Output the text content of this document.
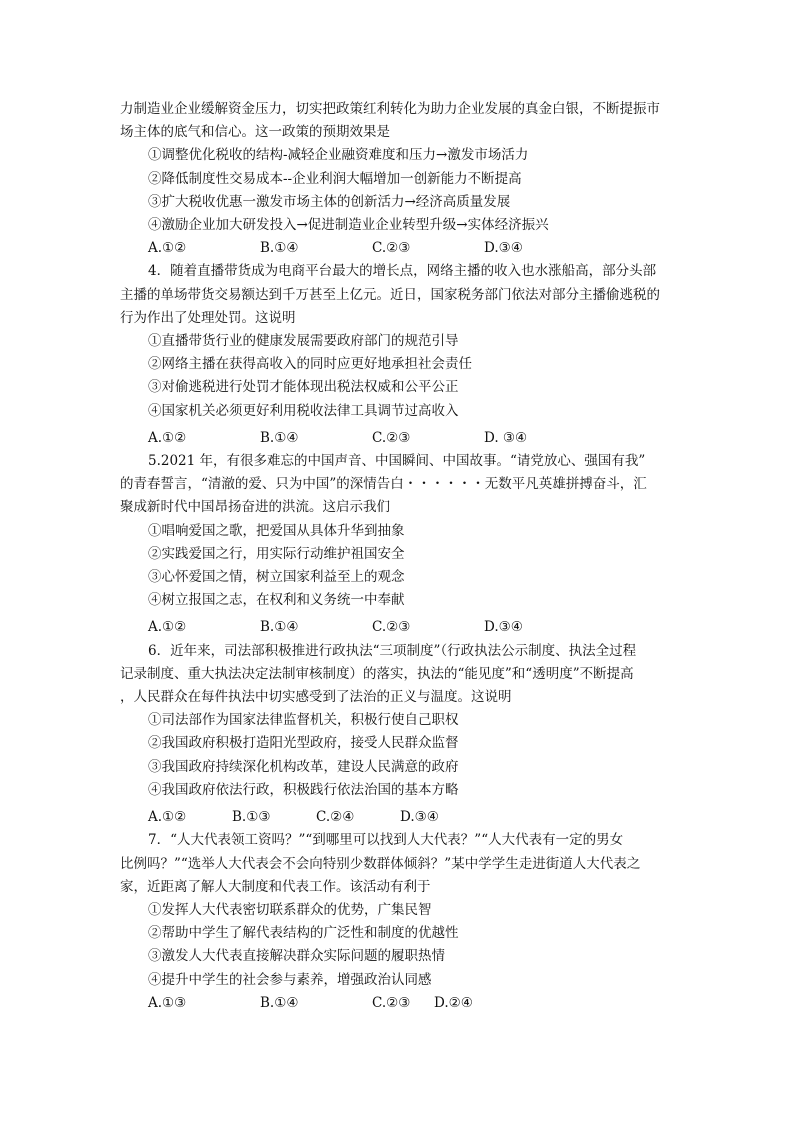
力制造业企业缓解资金压力，切实把政策红利转化为助力企业发展的真金白银，不断提振市

场主体的底气和信心。这一政策的预期效果是

①调整优化税收的结构-减轻企业融资难度和压力→激发市场活力

②降低制度性交易成本--企业利润大幅增加一创新能力不断提高

③扩大税收优惠一激发市场主体的创新活力→经济高质量发展

④激励企业加大研发投入→促进制造业企业转型升级→实体经济振兴

A.①②	B.①④	C.②③	D.③④

4．随着直播带货成为电商平台最大的增长点，网络主播的收入也水涨船高，部分头部

主播的单场带货交易额达到千万甚至上亿元。近日，国家税务部门依法对部分主播偷逃税的

行为作出了处理处罚。这说明

①直播带货行业的健康发展需要政府部门的规范引导

②网络主播在获得高收入的同时应更好地承担社会责任

③对偷逃税进行处罚才能体现出税法权威和公平公正

④国家机关必须更好利用税收法律工具调节过高收入

A.①②	B.①④	C.②③	D. ③④

5.2021 年，有很多难忘的中国声音、中国瞬间、中国故事。“请党放心、强国有我”

的青春誓言，“清澈的爱、只为中国”的深情告白・・・・・・无数平凡英雄拼搏奋斗，汇

聚成新时代中国昂扬奋进的洪流。这启示我们

①唱响爱国之歌，把爱国从具体升华到抽象

②实践爱国之行，用实际行动维护祖国安全

③心怀爱国之情，树立国家利益至上的观念

④树立报国之志，在权利和义务统一中奉献

A.①②	B.①④	C.②③	D.③④

6．近年来，司法部积极推进行政执法“三项制度”（行政执法公示制度、执法全过程

记录制度、重大执法决定法制审核制度）的落实，执法的“能见度”和“透明度”不断提高

，人民群众在每件执法中切实感受到了法治的正义与温度。这说明

①司法部作为国家法律监督机关，积极行使自己职权

②我国政府积极打造阳光型政府，接受人民群众监督

③我国政府持续深化机构改革，建设人民满意的政府

④我国政府依法行政，积极践行依法治国的基本方略

A.①②	B.①③	C.②④	D.③④

7．“人大代表领工资吗？”“到哪里可以找到人大代表？”“人大代表有一定的男女

比例吗？”“选举人大代表会不会向特别少数群体倾斜？”某中学学生走进街道人大代表之

家，近距离了解人大制度和代表工作。该活动有利于

①发挥人大代表密切联系群众的优势，广集民智

②帮助中学生了解代表结构的广泛性和制度的优越性

③激发人大代表直接解决群众实际问题的履职热情

④提升中学生的社会参与素养，增强政治认同感

A.①③	B.①④	C.②③	D.②④
